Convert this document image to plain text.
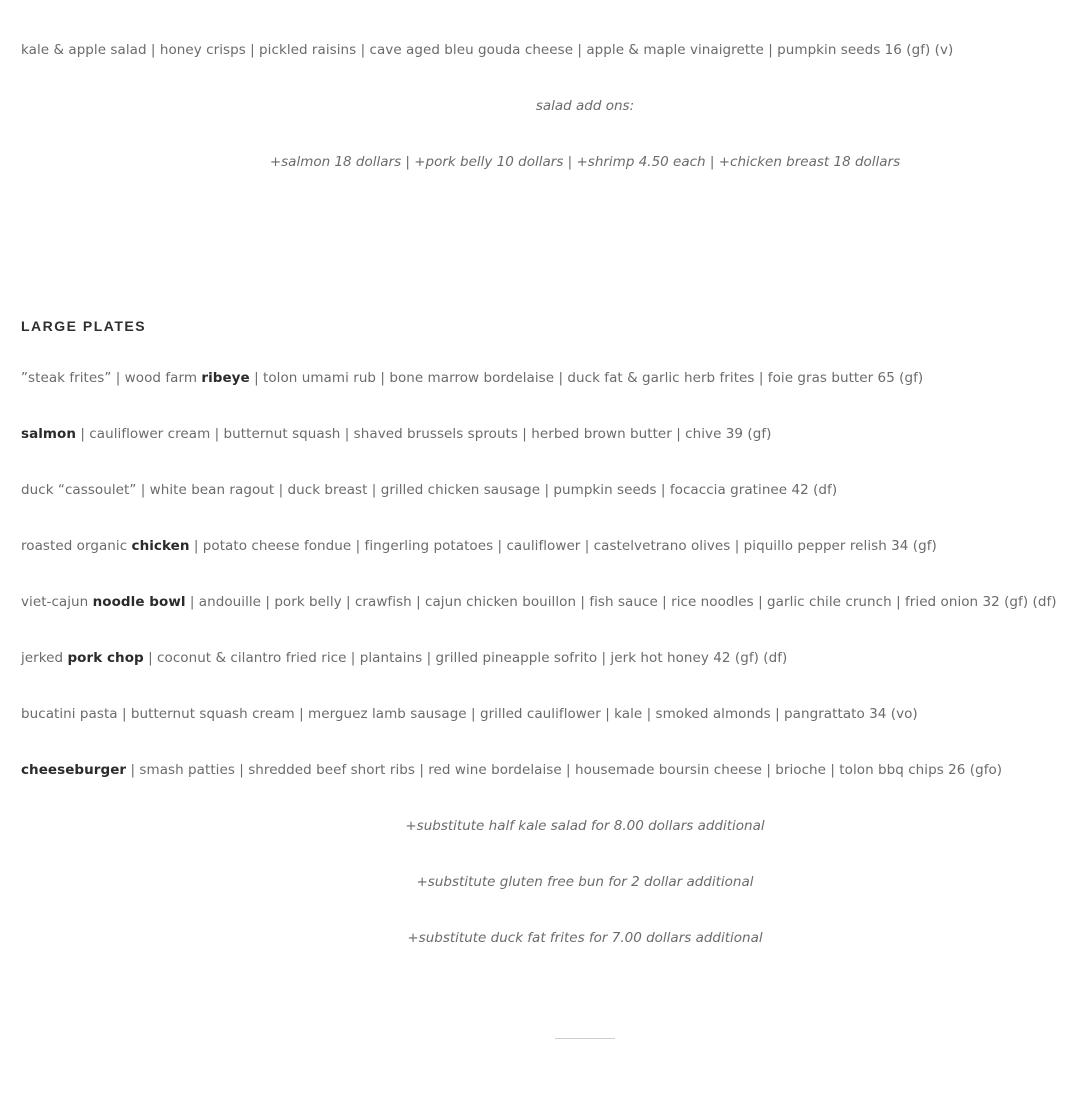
kale & apple salad | honey crisps | pickled raisins | cave aged bleu gouda cheese | apple & maple vinaigrette | pumpkin seeds 16 (gf) (v)
salad add ons:
+salmon 18 dollars | +pork belly 10 dollars | +shrimp 4.50 each | +chicken breast 18 dollars
LARGE PLATES
”steak frites” | wood farm ribeye | tolon umami rub | bone marrow bordelaise | duck fat & garlic herb frites | foie gras butter 65 (gf)
salmon | cauliflower cream | butternut squash | shaved brussels sprouts | herbed brown butter | chive 39 (gf)
duck “cassoulet” | white bean ragout | duck breast | grilled chicken sausage | pumpkin seeds | focaccia gratinee 42 (df)
roasted organic chicken | potato cheese fondue | fingerling potatoes | cauliflower | castelvetrano olives | piquillo pepper relish 34 (gf)
viet-cajun noodle bowl | andouille | pork belly | crawfish | cajun chicken bouillon | fish sauce | rice noodles | garlic chile crunch | fried onion 32 (gf) (df)
jerked pork chop | coconut & cilantro fried rice | plantains | grilled pineapple sofrito | jerk hot honey 42 (gf) (df)
bucatini pasta | butternut squash cream | merguez lamb sausage | grilled cauliflower | kale | smoked almonds | pangrattato 34 (vo)
cheeseburger | smash patties | shredded beef short ribs | red wine bordelaise | housemade boursin cheese | brioche | tolon bbq chips 26 (gfo)
+substitute half kale salad for 8.00 dollars additional
+substitute gluten free bun for 2 dollar additional
+substitute duck fat frites for 7.00 dollars additional
